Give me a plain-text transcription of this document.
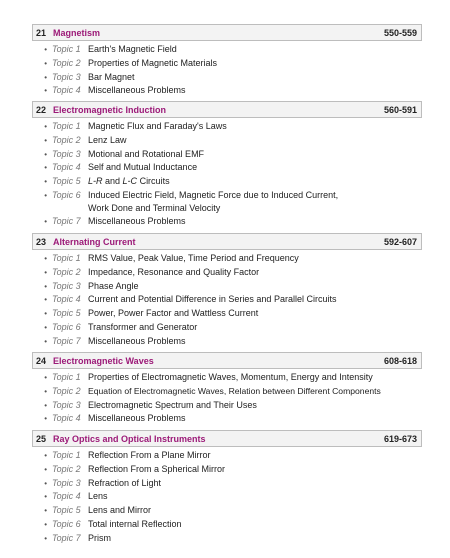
21 Magnetism	550-559
• Topic 1 Earth's Magnetic Field
• Topic 2 Properties of Magnetic Materials
• Topic 3 Bar Magnet
• Topic 4 Miscellaneous Problems
22 Electromagnetic Induction	560-591
• Topic 1 Magnetic Flux and Faraday's Laws
• Topic 2 Lenz Law
• Topic 3 Motional and Rotational EMF
• Topic 4 Self and Mutual Inductance
• Topic 5 L-R and L-C Circuits
• Topic 6 Induced Electric Field, Magnetic Force due to Induced Current, Work Done and Terminal Velocity
• Topic 7 Miscellaneous Problems
23 Alternating Current	592-607
• Topic 1 RMS Value, Peak Value, Time Period and Frequency
• Topic 2 Impedance, Resonance and Quality Factor
• Topic 3 Phase Angle
• Topic 4 Current and Potential Difference in Series and Parallel Circuits
• Topic 5 Power, Power Factor and Wattless Current
• Topic 6 Transformer and Generator
• Topic 7 Miscellaneous Problems
24 Electromagnetic Waves	608-618
• Topic 1 Properties of Electromagnetic Waves, Momentum, Energy and Intensity
• Topic 2 Equation of Electromagnetic Waves, Relation between Different Components
• Topic 3 Electromagnetic Spectrum and Their Uses
• Topic 4 Miscellaneous Problems
25 Ray Optics and Optical Instruments	619-673
• Topic 1 Reflection From a Plane Mirror
• Topic 2 Reflection From a Spherical Mirror
• Topic 3 Refraction of Light
• Topic 4 Lens
• Topic 5 Lens and Mirror
• Topic 6 Total internal Reflection
• Topic 7 Prism
